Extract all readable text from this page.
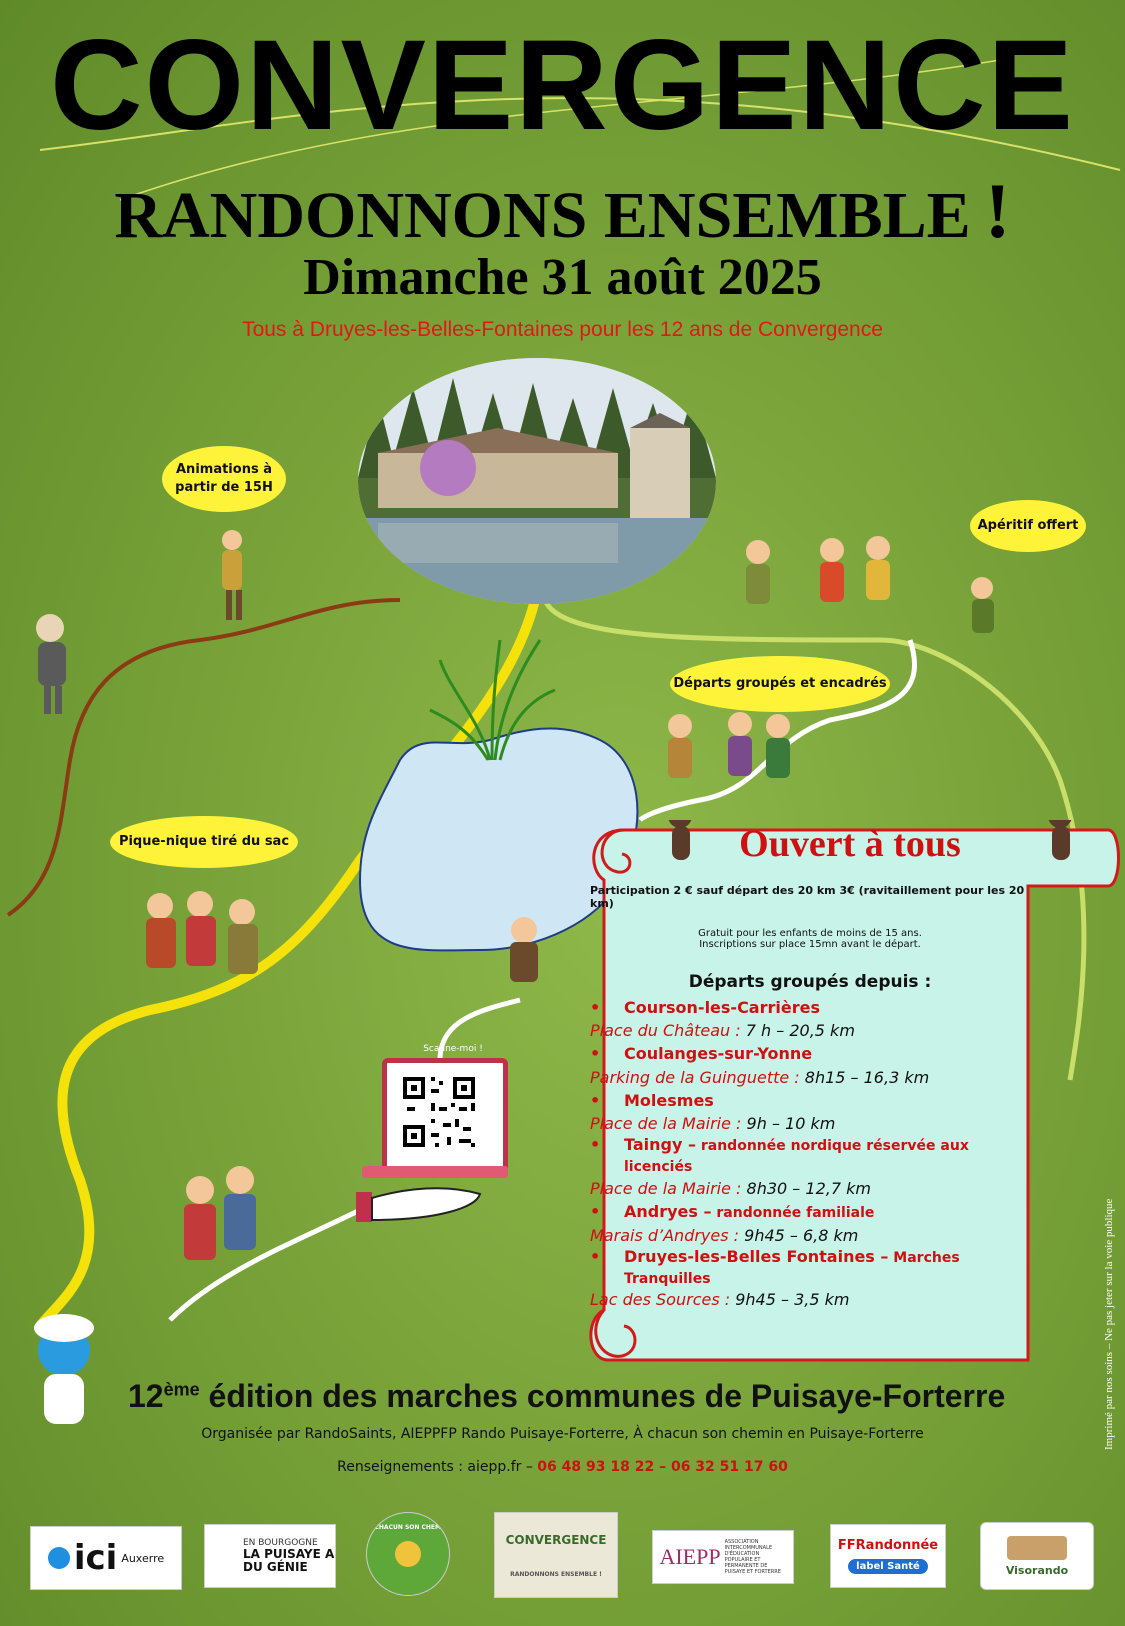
CONVERGENCE
RANDONNONS ENSEMBLE !
Dimanche 31 août 2025
Tous à Druyes-les-Belles-Fontaines pour les 12 ans de Convergence
Animations à partir de 15H
Apéritif offert
Départs groupés et encadrés
Pique-nique tiré du sac
Scanne-moi !
Ouvert à tous
Participation 2 € sauf départ des 20 km 3€ (ravitaillement pour les 20 km)
Gratuit pour les enfants de moins de 15 ans.
Inscriptions sur place 15mn avant le départ.
Départs groupés depuis :
• Courson-les-Carrières
Place du Château : 7 h – 20,5 km
• Coulanges-sur-Yonne
Parking de la Guinguette : 8h15 – 16,3 km
• Molesmes
Place de la Mairie : 9h – 10 km
• Taingy – randonnée nordique réservée aux licenciés
Place de la Mairie : 8h30 – 12,7 km
• Andryes – randonnée familiale
Marais d’Andryes : 9h45 – 6,8 km
• Druyes-les-Belles Fontaines – Marches Tranquilles
Lac des Sources : 9h45 – 3,5 km
12ème édition des marches communes de Puisaye-Forterre
Organisée par RandoSaints, AIEPPFP Rando Puisaye-Forterre, À chacun son chemin en Puisaye-Forterre
Renseignements : aiepp.fr – 06 48 93 18 22 – 06 32 51 17 60
Imprimé par nos soins – Ne pas jeter sur la voie publique
ici Auxerre
EN BOURGOGNE
LA PUISAYE A DU GÉNIE
À CHACUN SON CHEMIN
CONVERGENCE
RANDONNONS ENSEMBLE !
AIEPP
ASSOCIATION INTERCOMMUNALE D'ÉDUCATION POPULAIRE ET PERMANENTE DE PUISAYE ET FORTERRE
FFRandonnée
label Santé	Visorando
